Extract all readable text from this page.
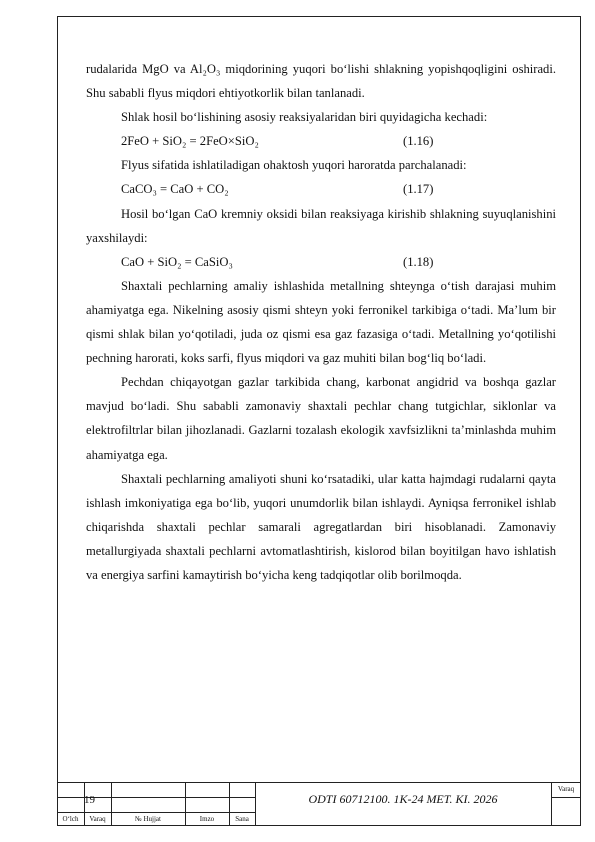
rudalarida MgO va Al₂O₃ miqdorining yuqori bo‘lishi shlakning yopishqoqligini oshiradi. Shu sababli flyus miqdori ehtiyotkorlik bilan tanlanadi.

Shlak hosil bo‘lishining asosiy reaksiyalaridan biri quyidagicha kechadi:

2FeO + SiO₂ = 2FeO×SiO₂	(1.16)

Flyus sifatida ishlatiladigan ohaktosh yuqori haroratda parchalanadi:

CaCO₃ = CaO + CO₂	(1.17)

Hosil bo‘lgan CaO kremniy oksidi bilan reaksiyaga kirishib shlakning suyuqlanishini yaxshilaydi:

CaO + SiO₂ = CaSiO₃	(1.18)

Shaxtali pechlarning amaliy ishlashida metallning shteynga o‘tish darajasi muhim ahamiyatga ega. Nikelning asosiy qismi shteyn yoki ferronikel tarkibiga o‘tadi. Ma’lum bir qismi shlak bilan yo‘qotiladi, juda oz qismi esa gaz fazasiga o‘tadi. Metallning yo‘qotilishi pechning harorati, koks sarfi, flyus miqdori va gaz muhiti bilan bog‘liq bo‘ladi.

Pechdan chiqayotgan gazlar tarkibida chang, karbonat angidrid va boshqa gazlar mavjud bo‘ladi. Shu sababli zamonaviy shaxtali pechlar chang tutgichlar, siklonlar va elektrofiltrlar bilan jihozlanadi. Gazlarni tozalash ekologik xavfsizlikni ta’minlashda muhim ahamiyatga ega.

Shaxtali pechlarning amaliyoti shuni ko‘rsatadiki, ular katta hajmdagi rudalarni qayta ishlash imkoniyatiga ega bo‘lib, yuqori unumdorlik bilan ishlaydi. Ayniqsa ferronikel ishlab chiqarishda shaxtali pechlar samarali agregatlardan biri hisoblanadi. Zamonaviy metallurgiyada shaxtali pechlarni avtomatlashtirish, kislorod bilan boyitilgan havo ishlatish va energiya sarfini kamaytirish bo‘yicha keng tadqiqotlar olib borilmoqda.

19	ODTI 60712100. 1K-24 MET. KI. 2026
Varaq
O‘lch	Varaq	№ Hujjat	Imzo	Sana
